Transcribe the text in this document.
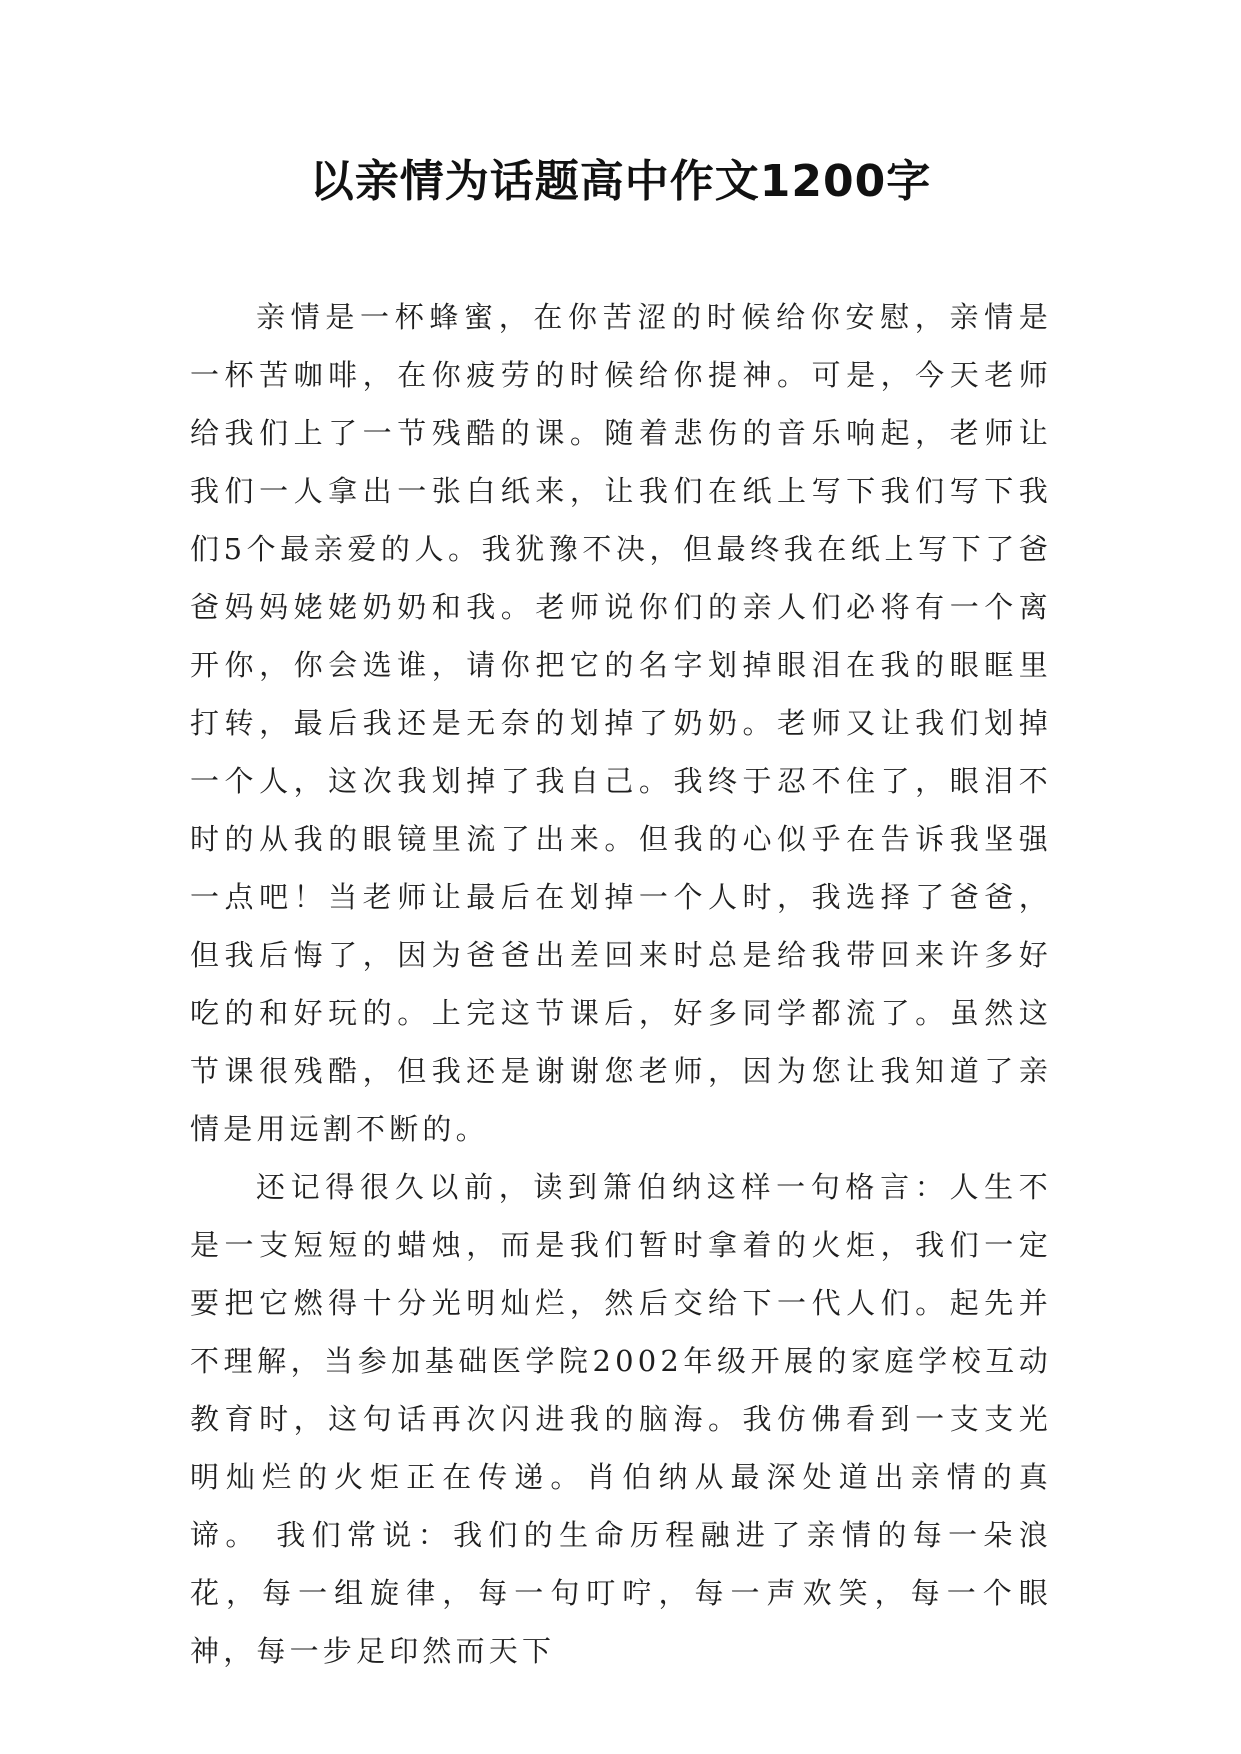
以亲情为话题高中作文1200字

亲情是一杯蜂蜜，在你苦涩的时候给你安慰，亲情是一杯苦咖啡，在你疲劳的时候给你提神。可是，今天老师给我们上了一节残酷的课。随着悲伤的音乐响起，老师让我们一人拿出一张白纸来，让我们在纸上写下我们写下我们5个最亲爱的人。我犹豫不决，但最终我在纸上写下了爸爸妈妈姥姥奶奶和我。老师说你们的亲人们必将有一个离开你，你会选谁，请你把它的名字划掉眼泪在我的眼眶里打转，最后我还是无奈的划掉了奶奶。老师又让我们划掉一个人，这次我划掉了我自己。我终于忍不住了，眼泪不时的从我的眼镜里流了出来。但我的心似乎在告诉我坚强一点吧！当老师让最后在划掉一个人时，我选择了爸爸，但我后悔了，因为爸爸出差回来时总是给我带回来许多好吃的和好玩的。上完这节课后，好多同学都流了。虽然这节课很残酷，但我还是谢谢您老师，因为您让我知道了亲情是用远割不断的。

还记得很久以前，读到箫伯纳这样一句格言：人生不是一支短短的蜡烛，而是我们暂时拿着的火炬，我们一定要把它燃得十分光明灿烂，然后交给下一代人们。起先并不理解，当参加基础医学院2002年级开展的家庭学校互动教育时，这句话再次闪进我的脑海。我仿佛看到一支支光明灿烂的火炬正在传递。肖伯纳从最深处道出亲情的真谛。 我们常说：我们的生命历程融进了亲情的每一朵浪花，每一组旋律，每一句叮咛，每一声欢笑，每一个眼神，每一步足印然而天下
